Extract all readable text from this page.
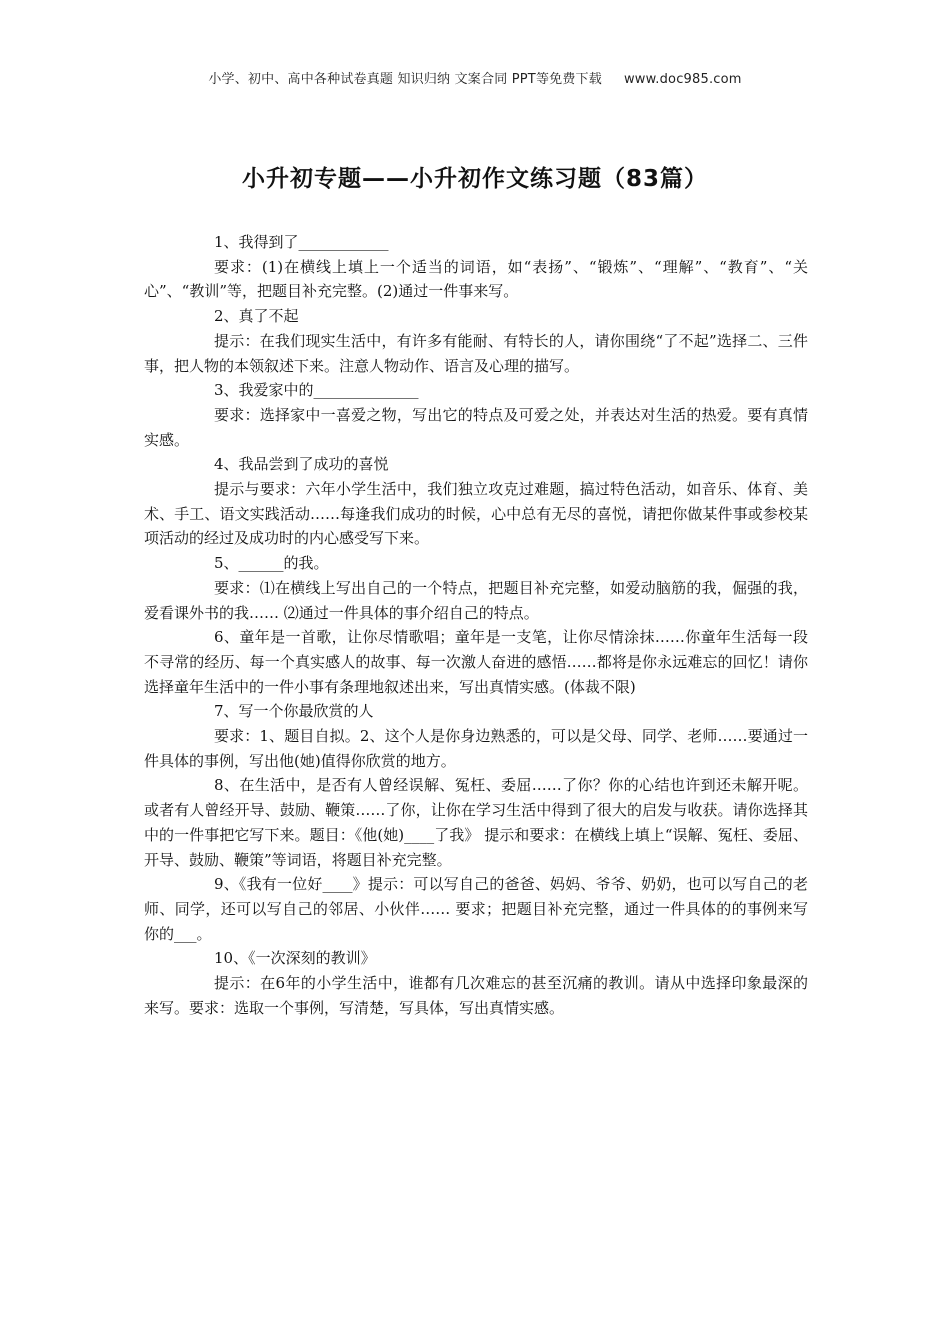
小学、初中、高中各种试卷真题 知识归纳 文案合同 PPT等免费下载 www.doc985.com
小升初专题——小升初作文练习题（83篇）

1、我得到了____________

要求：(1)在横线上填上一个适当的词语，如“表扬”、“锻炼”、“理解”、“教育”、“关心”、“教训”等，把题目补充完整。(2)通过一件事来写。

2、真了不起

提示：在我们现实生活中，有许多有能耐、有特长的人，请你围绕“了不起”选择二、三件事，把人物的本领叙述下来。注意人物动作、语言及心理的描写。

3、我爱家中的______________

要求：选择家中一喜爱之物，写出它的特点及可爱之处，并表达对生活的热爱。要有真情实感。

4、我品尝到了成功的喜悦

提示与要求：六年小学生活中，我们独立攻克过难题，搞过特色活动，如音乐、体育、美术、手工、语文实践活动……每逢我们成功的时候，心中总有无尽的喜悦，请把你做某件事或参校某项活动的经过及成功时的内心感受写下来。

5、______的我。

要求：⑴在横线上写出自己的一个特点，把题目补充完整，如爱动脑筋的我，倔强的我，爱看课外书的我…… ⑵通过一件具体的事介绍自己的特点。

6、童年是一首歌，让你尽情歌唱；童年是一支笔，让你尽情涂抹……你童年生活每一段不寻常的经历、每一个真实感人的故事、每一次激人奋进的感悟……都将是你永远难忘的回忆！请你选择童年生活中的一件小事有条理地叙述出来，写出真情实感。(体裁不限)

7、写一个你最欣赏的人

要求：1、题目自拟。2、这个人是你身边熟悉的，可以是父母、同学、老师……要通过一件具体的事例，写出他(她)值得你欣赏的地方。

8、在生活中，是否有人曾经误解、冤枉、委屈……了你？你的心结也许到还未解开呢。或者有人曾经开导、鼓励、鞭策……了你，让你在学习生活中得到了很大的启发与收获。请你选择其中的一件事把它写下来。题目：《他(她)____了我》 提示和要求：在横线上填上“误解、冤枉、委屈、开导、鼓励、鞭策”等词语，将题目补充完整。

9、《我有一位好____》提示：可以写自己的爸爸、妈妈、爷爷、奶奶，也可以写自己的老师、同学，还可以写自己的邻居、小伙伴…… 要求；把题目补充完整，通过一件具体的的事例来写你的___。

10、《一次深刻的教训》

提示：在6年的小学生活中，谁都有几次难忘的甚至沉痛的教训。请从中选择印象最深的来写。要求：选取一个事例，写清楚，写具体，写出真情实感。
